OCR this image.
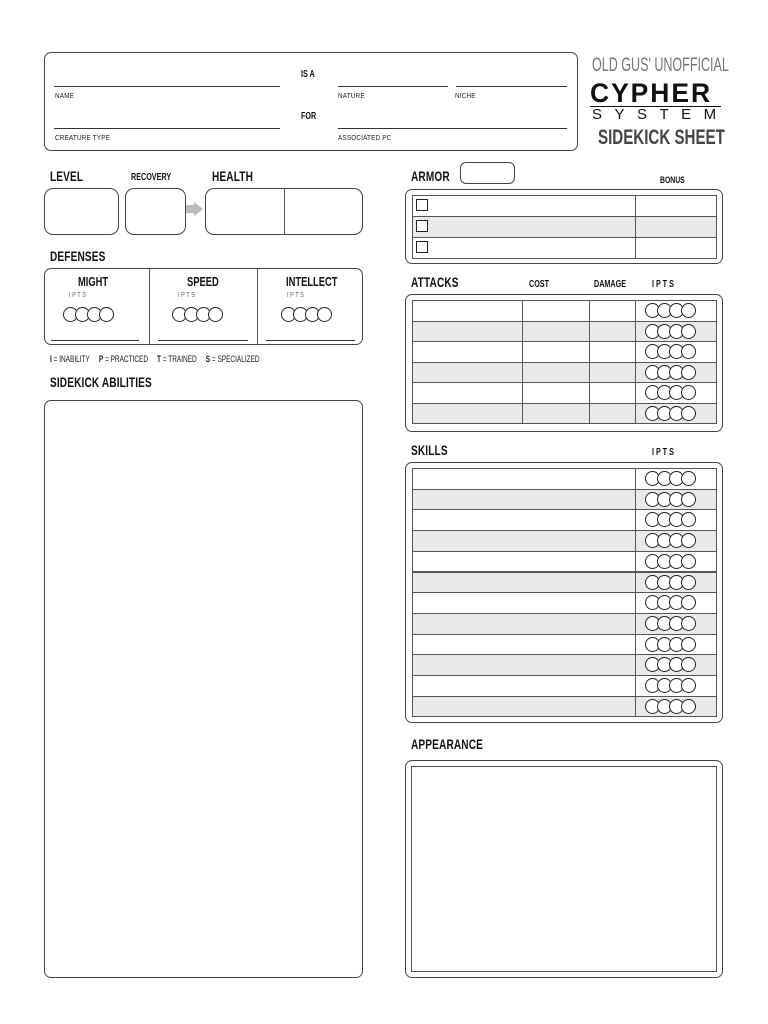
NAME
IS A
NATURE	NICHE
CREATURE TYPE
FOR
ASSOCIATED PC
OLD GUS' UNOFFICIAL
CYPHER
SYSTEM
SIDEKICK SHEET
LEVEL	RECOVERY	HEALTH
DEFENSES
MIGHT
I P T S
SPEED
I P T S
INTELLECT
I P T S
I = INABILITY P = PRACTICED T = TRAINED S = SPECIALIZED
SIDEKICK ABILITIES
ARMOR	BONUS
ATTACKS	COST	DAMAGE	I P T S
SKILLS	I P T S
APPEARANCE
